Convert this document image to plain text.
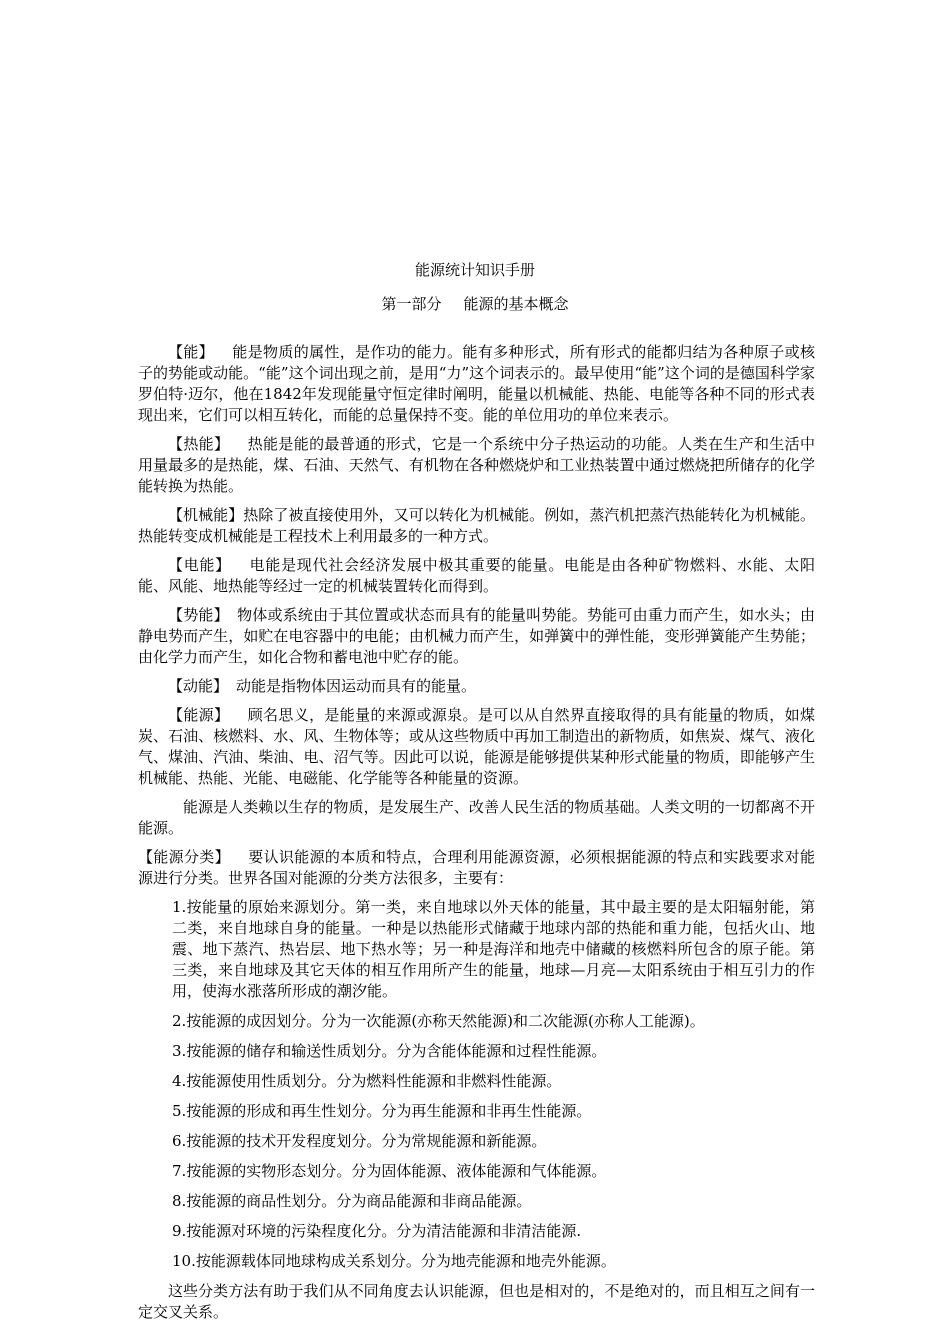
能源统计知识手册

第一部分 能源的基本概念

【能】 能是物质的属性，是作功的能力。能有多种形式，所有形式的能都归结为各种原子或核子的势能或动能。“能”这个词出现之前，是用“力”这个词表示的。最早使用“能”这个词的是德国科学家罗伯特·迈尔，他在1842年发现能量守恒定律时阐明，能量以机械能、热能、电能等各种不同的形式表现出来，它们可以相互转化，而能的总量保持不变。能的单位用功的单位来表示。

【热能】 热能是能的最普通的形式，它是一个系统中分子热运动的功能。人类在生产和生活中用量最多的是热能，煤、石油、天然气、有机物在各种燃烧炉和工业热装置中通过燃烧把所储存的化学能转换为热能。

【机械能】热除了被直接使用外，又可以转化为机械能。例如，蒸汽机把蒸汽热能转化为机械能。热能转变成机械能是工程技术上利用最多的一种方式。

【电能】 电能是现代社会经济发展中极其重要的能量。电能是由各种矿物燃料、水能、太阳能、风能、地热能等经过一定的机械装置转化而得到。

【势能】 物体或系统由于其位置或状态而具有的能量叫势能。势能可由重力而产生，如水头；由静电势而产生，如贮在电容器中的电能；由机械力而产生，如弹簧中的弹性能，变形弹簧能产生势能；由化学力而产生，如化合物和蓄电池中贮存的能。

【动能】 动能是指物体因运动而具有的能量。

【能源】 顾名思义，是能量的来源或源泉。是可以从自然界直接取得的具有能量的物质，如煤炭、石油、核燃料、水、风、生物体等；或从这些物质中再加工制造出的新物质，如焦炭、煤气、液化气、煤油、汽油、柴油、电、沼气等。因此可以说，能源是能够提供某种形式能量的物质，即能够产生机械能、热能、光能、电磁能、化学能等各种能量的资源。

能源是人类赖以生存的物质，是发展生产、改善人民生活的物质基础。人类文明的一切都离不开能源。

【能源分类】 要认识能源的本质和特点，合理利用能源资源，必须根据能源的特点和实践要求对能源进行分类。世界各国对能源的分类方法很多，主要有：

1.按能量的原始来源划分。第一类，来自地球以外天体的能量，其中最主要的是太阳辐射能，第二类，来自地球自身的能量。一种是以热能形式储藏于地球内部的热能和重力能，包括火山、地震、地下蒸汽、热岩层、地下热水等；另一种是海洋和地壳中储藏的核燃料所包含的原子能。第三类，来自地球及其它天体的相互作用所产生的能量，地球—月亮—太阳系统由于相互引力的作用，使海水涨落所形成的潮汐能。

2.按能源的成因划分。分为一次能源(亦称天然能源)和二次能源(亦称人工能源)。

3.按能源的储存和输送性质划分。分为含能体能源和过程性能源。

4.按能源使用性质划分。分为燃料性能源和非燃料性能源。

5.按能源的形成和再生性划分。分为再生能源和非再生性能源。

6.按能源的技术开发程度划分。分为常规能源和新能源。

7.按能源的实物形态划分。分为固体能源、液体能源和气体能源。

8.按能源的商品性划分。分为商品能源和非商品能源。

9.按能源对环境的污染程度化分。分为清洁能源和非清洁能源.

10.按能源载体同地球构成关系划分。分为地壳能源和地壳外能源。

这些分类方法有助于我们从不同角度去认识能源，但也是相对的，不是绝对的，而且相互之间有一定交叉关系。
